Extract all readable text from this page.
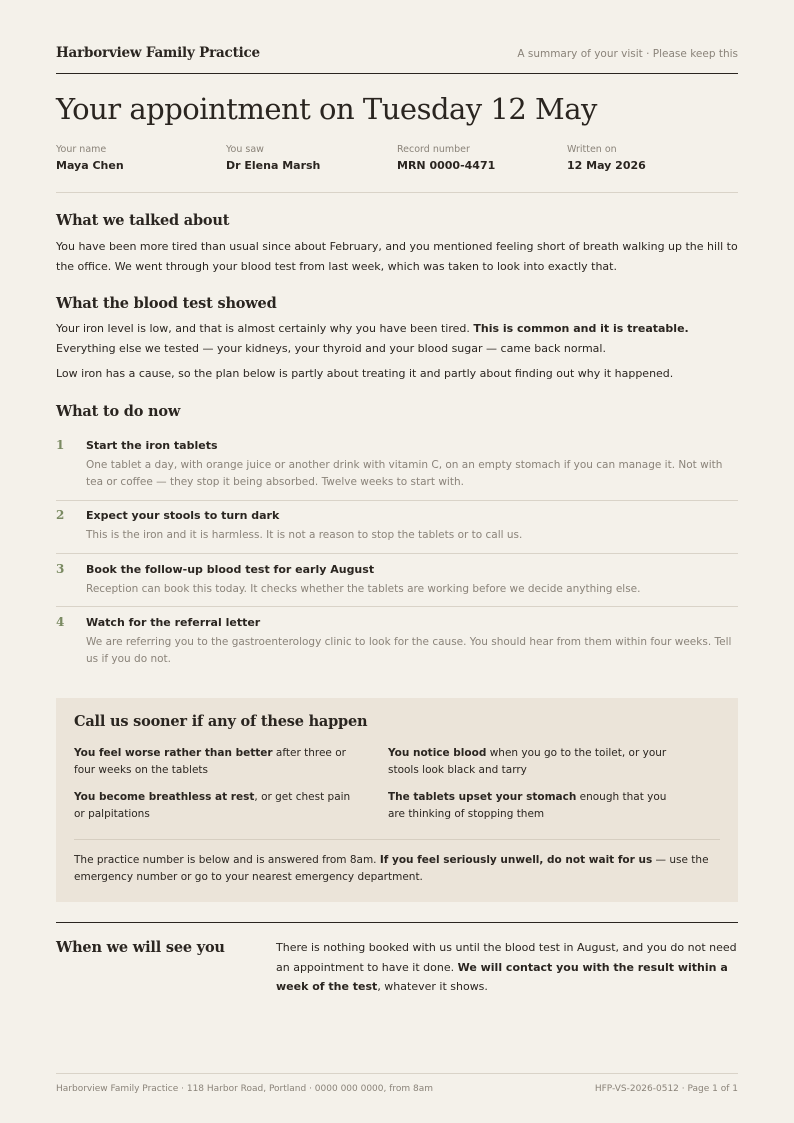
Harborview Family Practice	A summary of your visit · Please keep this
Your appointment on Tuesday 12 May
Your name
Maya Chen
You saw
Dr Elena Marsh
Record number
MRN 0000-4471
Written on
12 May 2026
What we talked about

You have been more tired than usual since about February, and you mentioned feeling short of breath walking up the hill to the office. We went through your blood test from last week, which was taken to look into exactly that.

What the blood test showed

Your iron level is low, and that is almost certainly why you have been tired. This is common and it is treatable. Everything else we tested — your kidneys, your thyroid and your blood sugar — came back normal.

Low iron has a cause, so the plan below is partly about treating it and partly about finding out why it happened.

What to do now
1 Start the iron tablets

One tablet a day, with orange juice or another drink with vitamin C, on an empty stomach if you can manage it. Not with tea or coffee — they stop it being absorbed. Twelve weeks to start with.

2 Expect your stools to turn dark

This is the iron and it is harmless. It is not a reason to stop the tablets or to call us.

3 Book the follow-up blood test for early August

Reception can book this today. It checks whether the tablets are working before we decide anything else.

4 Watch for the referral letter

We are referring you to the gastroenterology clinic to look for the cause. You should hear from them within four weeks. Tell us if you do not.

Call us sooner if any of these happen

You feel worse rather than better after three or four weeks on the tablets

You notice blood when you go to the toilet, or your stools look black and tarry

You become breathless at rest, or get chest pain or palpitations

The tablets upset your stomach enough that you are thinking of stopping them

The practice number is below and is answered from 8am. If you feel seriously unwell, do not wait for us — use the emergency number or go to your nearest emergency department.

When we will see you	There is nothing booked with us until the blood test in August, and you do not need an appointment to have it done. We will contact you with the result within a week of the test, whatever it shows.

Harborview Family Practice · 118 Harbor Road, Portland · 0000 000 0000, from 8am	HFP-VS-2026-0512 · Page 1 of 1
